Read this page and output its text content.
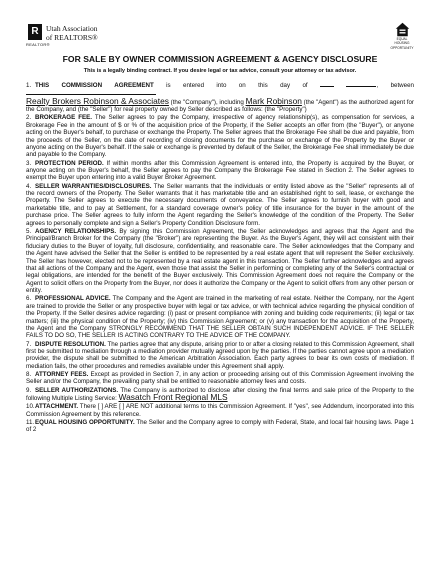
R
REALTOR®
Utah Association
of REALTORS®	EQUAL HOUSING
OPPORTUNITY
FOR SALE BY OWNER COMMISSION AGREEMENT & AGENCY DISCLOSURE
This is a legally binding contract. If you desire legal or tax advice, consult your attorney or tax advisor.

1. THIS COMMISSION AGREEMENT is entered into on this day of	, between
Realty Brokers Robinson & Associates (the "Company"), including Mark Robinson (the "Agent") as the authorized agent for the Company, and (the "Seller") for real property owned by Seller described as follows: (the "Property")

2. BROKERAGE FEE. The Seller agrees to pay the Company, irrespective of agency relationship(s), as compensation for services, a Brokerage Fee in the amount of $ or % of the acquisition price of the Property, if the Seller accepts an offer from (the "Buyer"), or anyone acting on the Buyer's behalf, to purchase or exchange the Property. The Seller agrees that the Brokerage Fee shall be due and payable, from the proceeds of the Seller, on the date of recording of closing documents for the purchase or exchange of the Property by the Buyer or anyone acting on the Buyer's behalf. If the sale or exchange is prevented by default of the Seller, the Brokerage Fee shall immediately be due and payable to the Company.

3. PROTECTION PERIOD. If within months after this Commission Agreement is entered into, the Property is acquired by the Buyer, or anyone acting on the Buyer's behalf, the Seller agrees to pay the Company the Brokerage Fee stated in Section 2. The Seller agrees to exempt the Buyer upon entering into a valid Buyer Broker Agreement.

4. SELLER WARRANTIES/DISCLOSURES. The Seller warrants that the individuals or entity listed above as the "Seller" represents all of the record owners of the Property. The Seller warrants that it has marketable title and an established right to sell, lease, or exchange the Property. The Seller agrees to execute the necessary documents of conveyance. The Seller agrees to furnish buyer with good and marketable title, and to pay at Settlement, for a standard coverage owner's policy of title insurance for the buyer in the amount of the purchase price. The Seller agrees to fully inform the Agent regarding the Seller's knowledge of the condition of the Property. The Seller agrees to personally complete and sign a Seller's Property Condition Disclosure form.

5. AGENCY RELATIONSHIPS. By signing this Commission Agreement, the Seller acknowledges and agrees that the Agent and the Principal/Branch Broker for the Company (the "Broker") are representing the Buyer. As the Buyer's Agent, they will act consistent with their fiduciary duties to the Buyer of loyalty, full disclosure, confidentiality, and reasonable care. The Seller acknowledges that the Company and the Agent have advised the Seller that the Seller is entitled to be represented by a real estate agent that will represent the Seller exclusively. The Seller has however, elected not to be represented by a real estate agent in this transaction. The Seller further acknowledges and agrees that all actions of the Company and the Agent, even those that assist the Seller in performing or completing any of the Seller's contractual or legal obligations, are intended for the benefit of the Buyer exclusively. This Commission Agreement does not require the Company or the Agent to solicit offers on the Property from the Buyer, nor does it authorize the Company or the Agent to solicit offers from any other person or entity.

6. PROFESSIONAL ADVICE. The Company and the Agent are trained in the marketing of real estate. Neither the Company, nor the Agent are trained to provide the Seller or any prospective buyer with legal or tax advice, or with technical advice regarding the physical condition of the Property. If the Seller desires advice regarding: (i) past or present compliance with zoning and building code requirements; (ii) legal or tax matters; (iii) the physical condition of the Property; (iv) this Commission Agreement; or (v) any transaction for the acquisition of the Property, the Agent and the Company STRONGLY RECOMMEND THAT THE SELLER OBTAIN SUCH INDEPENDENT ADVICE. IF THE SELLER FAILS TO DO SO, THE SELLER IS ACTING CONTRARY TO THE ADVICE OF THE COMPANY.

7. DISPUTE RESOLUTION. The parties agree that any dispute, arising prior to or after a closing related to this Commission Agreement, shall first be submitted to mediation through a mediation provider mutually agreed upon by the parties. If the parties cannot agree upon a mediation provider, the dispute shall be submitted to the American Arbitration Association. Each party agrees to bear its own costs of mediation. If mediation fails, the other procedures and remedies available under this Agreement shall apply.

8. ATTORNEY FEES. Except as provided in Section 7, in any action or proceeding arising out of this Commission Agreement involving the Seller and/or the Company, the prevailing party shall be entitled to reasonable attorney fees and costs.

9. SELLER AUTHORIZATIONS. The Company is authorized to disclose after closing the final terms and sale price of the Property to the following Multiple Listing Service: Wasatch Front Regional MLS

10.ATTACHMENT. There [ ] ARE [ ] ARE NOT additional terms to this Commission Agreement. If "yes", see Addendum, incorporated into this Commission Agreement by this reference.

11.EQUAL HOUSING OPPORTUNITY. The Seller and the Company agree to comply with Federal, State, and local fair housing laws. Page 1 of 2
